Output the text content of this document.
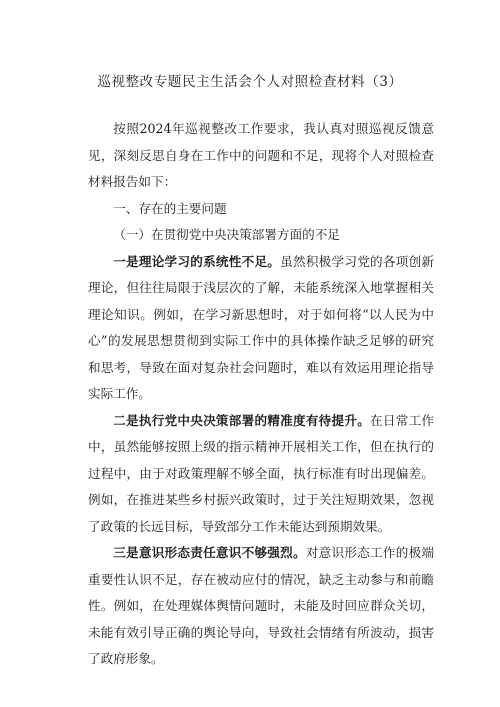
巡视整改专题民主生活会个人对照检查材料（3）

按照2024年巡视整改工作要求，我认真对照巡视反馈意见，深刻反思自身在工作中的问题和不足，现将个人对照检查材料报告如下：

一、存在的主要问题

（一）在贯彻党中央决策部署方面的不足

一是理论学习的系统性不足。虽然积极学习党的各项创新理论，但往往局限于浅层次的了解，未能系统深入地掌握相关理论知识。例如，在学习新思想时，对于如何将“以人民为中心”的发展思想贯彻到实际工作中的具体操作缺乏足够的研究和思考，导致在面对复杂社会问题时，难以有效运用理论指导实际工作。

二是执行党中央决策部署的精准度有待提升。在日常工作中，虽然能够按照上级的指示精神开展相关工作，但在执行的过程中，由于对政策理解不够全面，执行标准有时出现偏差。例如，在推进某些乡村振兴政策时，过于关注短期效果，忽视了政策的长远目标，导致部分工作未能达到预期效果。

三是意识形态责任意识不够强烈。对意识形态工作的极端重要性认识不足，存在被动应付的情况，缺乏主动参与和前瞻性。例如，在处理媒体舆情问题时，未能及时回应群众关切，未能有效引导正确的舆论导向，导致社会情绪有所波动，损害了政府形象。
